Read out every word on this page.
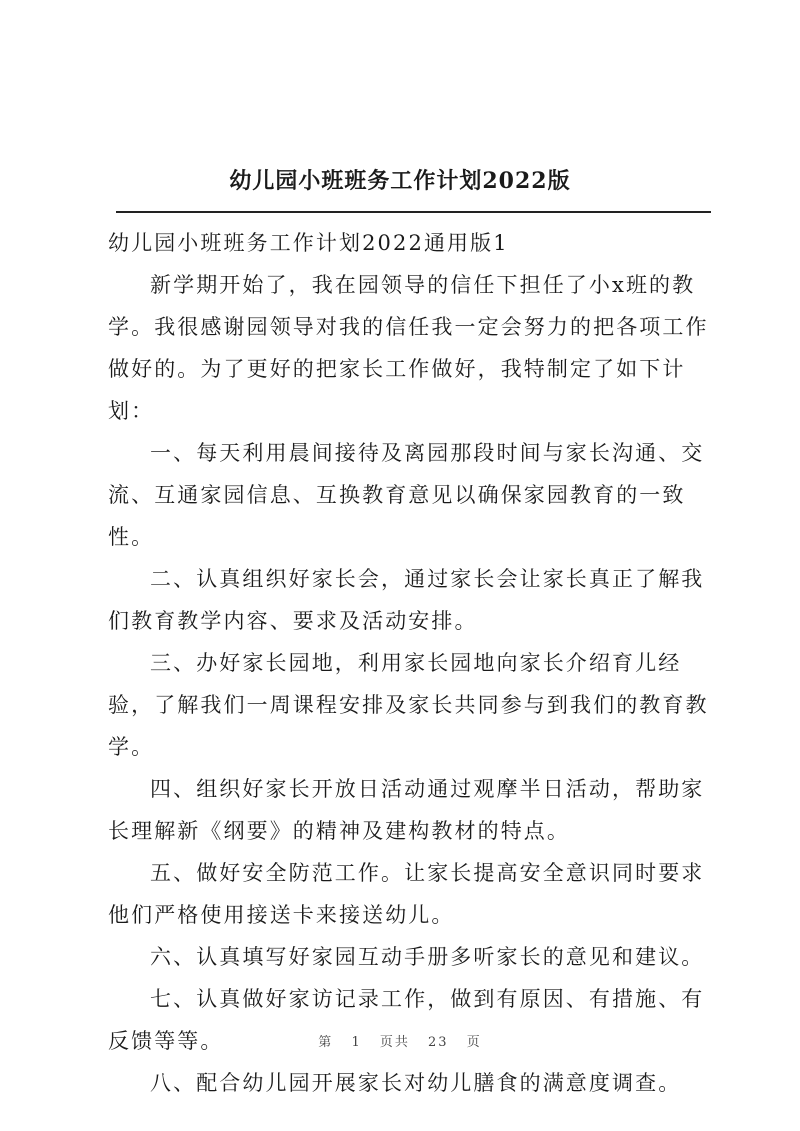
幼儿园小班班务工作计划2022版

幼儿园小班班务工作计划2022通用版1

新学期开始了，我在园领导的信任下担任了小x班的教学。我很感谢园领导对我的信任我一定会努力的把各项工作做好的。为了更好的把家长工作做好，我特制定了如下计划：

一、每天利用晨间接待及离园那段时间与家长沟通、交流、互通家园信息、互换教育意见以确保家园教育的一致性。

二、认真组织好家长会，通过家长会让家长真正了解我们教育教学内容、要求及活动安排。

三、办好家长园地，利用家长园地向家长介绍育儿经验，了解我们一周课程安排及家长共同参与到我们的教育教学。

四、组织好家长开放日活动通过观摩半日活动，帮助家长理解新《纲要》的精神及建构教材的特点。

五、做好安全防范工作。让家长提高安全意识同时要求他们严格使用接送卡来接送幼儿。

六、认真填写好家园互动手册多听家长的意见和建议。

七、认真做好家访记录工作，做到有原因、有措施、有反馈等等。

八、配合幼儿园开展家长对幼儿膳食的满意度调查。

第 1 页共 23 页
